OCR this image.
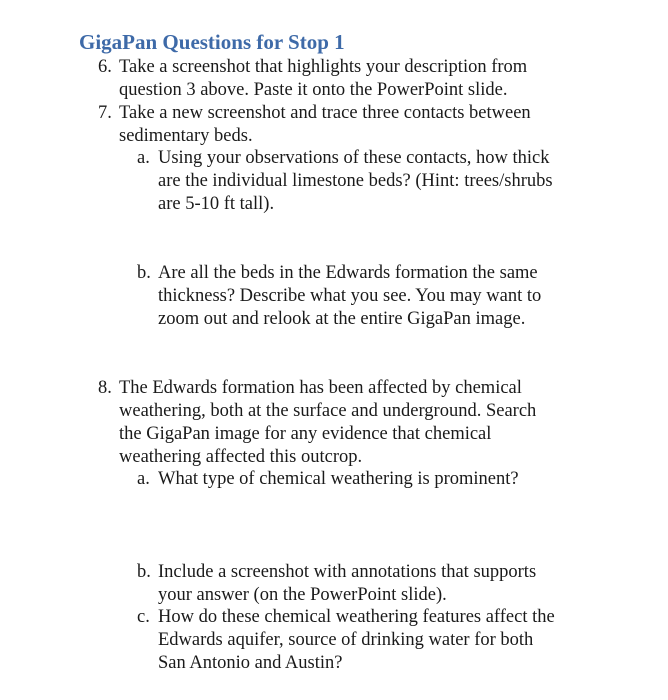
GigaPan Questions for Stop 1
6. Take a screenshot that highlights your description from
question 3 above. Paste it onto the PowerPoint slide.
7. Take a new screenshot and trace three contacts between
sedimentary beds.
a. Using your observations of these contacts, how thick
are the individual limestone beds? (Hint: trees/shrubs
are 5-10 ft tall).
b. Are all the beds in the Edwards formation the same
thickness? Describe what you see. You may want to
zoom out and relook at the entire GigaPan image.
8. The Edwards formation has been affected by chemical
weathering, both at the surface and underground. Search
the GigaPan image for any evidence that chemical
weathering affected this outcrop.
a. What type of chemical weathering is prominent?
b. Include a screenshot with annotations that supports
your answer (on the PowerPoint slide).
c. How do these chemical weathering features affect the
Edwards aquifer, source of drinking water for both
San Antonio and Austin?
